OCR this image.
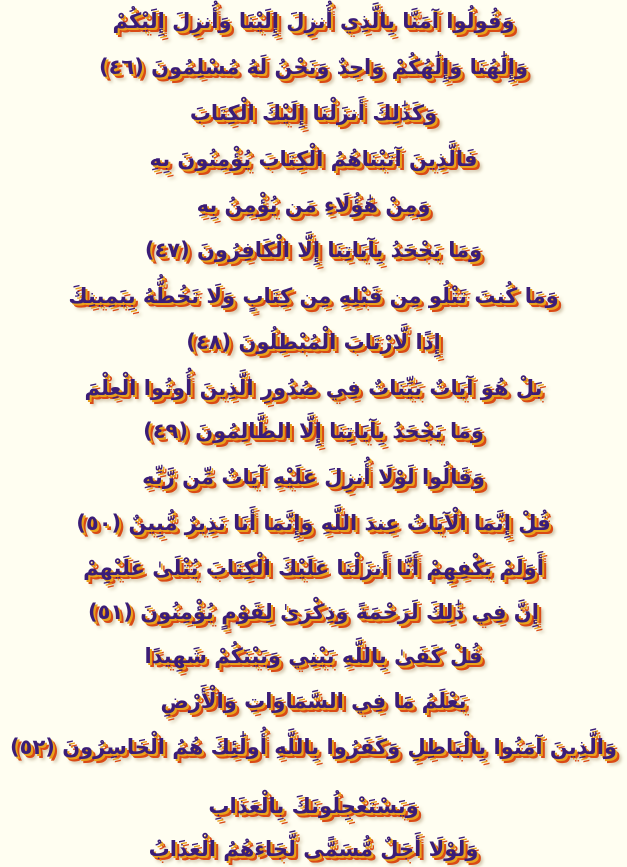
وَقُولُوا آمَنَّا بِالَّذِي أُنزِلَ إِلَيْنَا وَأُنزِلَ إِلَيْكُمْ
وَإِلَٰهُنَا وَإِلَٰهُكُمْ وَاحِدٌ وَنَحْنُ لَهُ مُسْلِمُونَ (٤٦)
وَكَذَٰلِكَ أَنزَلْنَا إِلَيْكَ الْكِتَابَ
فَالَّذِينَ آتَيْنَاهُمُ الْكِتَابَ يُؤْمِنُونَ بِهِ
وَمِنْ هَٰؤُلَاءِ مَن يُؤْمِنُ بِهِ
وَمَا يَجْحَدُ بِآيَاتِنَا إِلَّا الْكَافِرُونَ (٤٧)
وَمَا كُنتَ تَتْلُو مِن قَبْلِهِ مِن كِتَابٍ وَلَا تَخُطُّهُ بِيَمِينِكَ
إِذًا لَّارْتَابَ الْمُبْطِلُونَ (٤٨)
بَلْ هُوَ آيَاتٌ بَيِّنَاتٌ فِي صُدُورِ الَّذِينَ أُوتُوا الْعِلْمَ
وَمَا يَجْحَدُ بِآيَاتِنَا إِلَّا الظَّالِمُونَ (٤٩)
وَقَالُوا لَوْلَا أُنزِلَ عَلَيْهِ آيَاتٌ مِّن رَّبِّهِ
قُلْ إِنَّمَا الْآيَاتُ عِندَ اللَّهِ وَإِنَّمَا أَنَا نَذِيرٌ مُّبِينٌ (٥٠)
أَوَلَمْ يَكْفِهِمْ أَنَّا أَنزَلْنَا عَلَيْكَ الْكِتَابَ يُتْلَىٰ عَلَيْهِمْ
إِنَّ فِي ذَٰلِكَ لَرَحْمَةً وَذِكْرَىٰ لِقَوْمٍ يُؤْمِنُونَ (٥١)
قُلْ كَفَىٰ بِاللَّهِ بَيْنِي وَبَيْنَكُمْ شَهِيدًا
يَعْلَمُ مَا فِي السَّمَاوَاتِ وَالْأَرْضِ
وَالَّذِينَ آمَنُوا بِالْبَاطِلِ وَكَفَرُوا بِاللَّهِ أُولَٰئِكَ هُمُ الْخَاسِرُونَ (٥٢)
وَيَسْتَعْجِلُونَكَ بِالْعَذَابِ
وَلَوْلَا أَجَلٌ مُّسَمًّى لَّجَاءَهُمُ الْعَذَابُ
